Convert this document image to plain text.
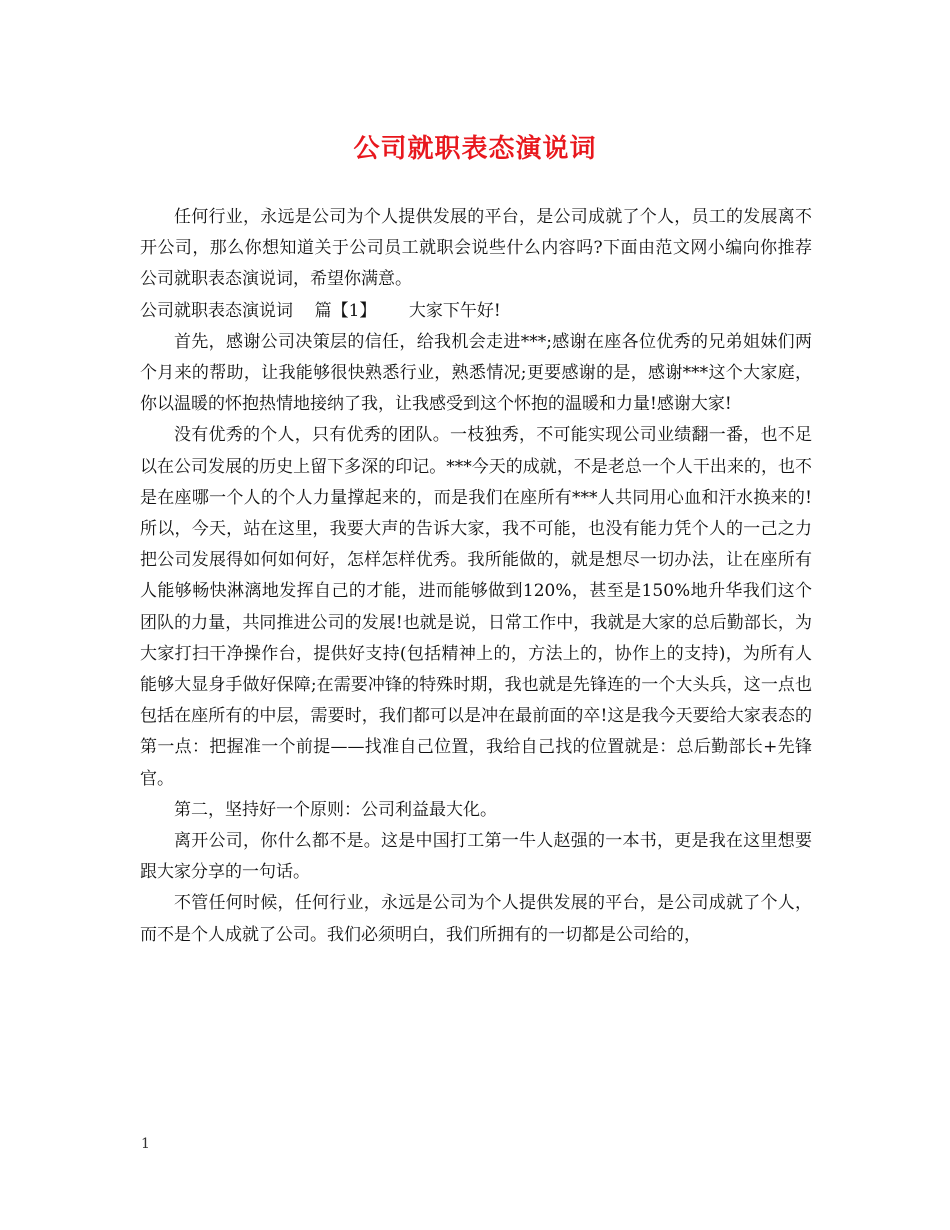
公司就职表态演说词

任何行业，永远是公司为个人提供发展的平台，是公司成就了个人，员工的发展离不开公司，那么你想知道关于公司员工就职会说些什么内容吗?下面由范文网小编向你推荐公司就职表态演说词，希望你满意。

公司就职表态演说词    篇【1】      大家下午好!

首先，感谢公司决策层的信任，给我机会走进***;感谢在座各位优秀的兄弟姐妹们两个月来的帮助，让我能够很快熟悉行业，熟悉情况;更要感谢的是，感谢***这个大家庭，你以温暖的怀抱热情地接纳了我，让我感受到这个怀抱的温暖和力量!感谢大家!

没有优秀的个人，只有优秀的团队。一枝独秀，不可能实现公司业绩翻一番，也不足以在公司发展的历史上留下多深的印记。***今天的成就，不是老总一个人干出来的，也不是在座哪一个人的个人力量撑起来的，而是我们在座所有***人共同用心血和汗水换来的!所以，今天，站在这里，我要大声的告诉大家，我不可能，也没有能力凭个人的一己之力把公司发展得如何如何好，怎样怎样优秀。我所能做的，就是想尽一切办法，让在座所有人能够畅快淋漓地发挥自己的才能，进而能够做到120%，甚至是150%地升华我们这个团队的力量，共同推进公司的发展!也就是说，日常工作中，我就是大家的总后勤部长，为大家打扫干净操作台，提供好支持(包括精神上的，方法上的，协作上的支持)，为所有人能够大显身手做好保障;在需要冲锋的特殊时期，我也就是先锋连的一个大头兵，这一点也包括在座所有的中层，需要时，我们都可以是冲在最前面的卒!这是我今天要给大家表态的第一点：把握准一个前提——找准自己位置，我给自己找的位置就是：总后勤部长+先锋官。

第二，坚持好一个原则：公司利益最大化。

离开公司，你什么都不是。这是中国打工第一牛人赵强的一本书，更是我在这里想要跟大家分享的一句话。

不管任何时候，任何行业，永远是公司为个人提供发展的平台，是公司成就了个人，而不是个人成就了公司。我们必须明白，我们所拥有的一切都是公司给的，

1
